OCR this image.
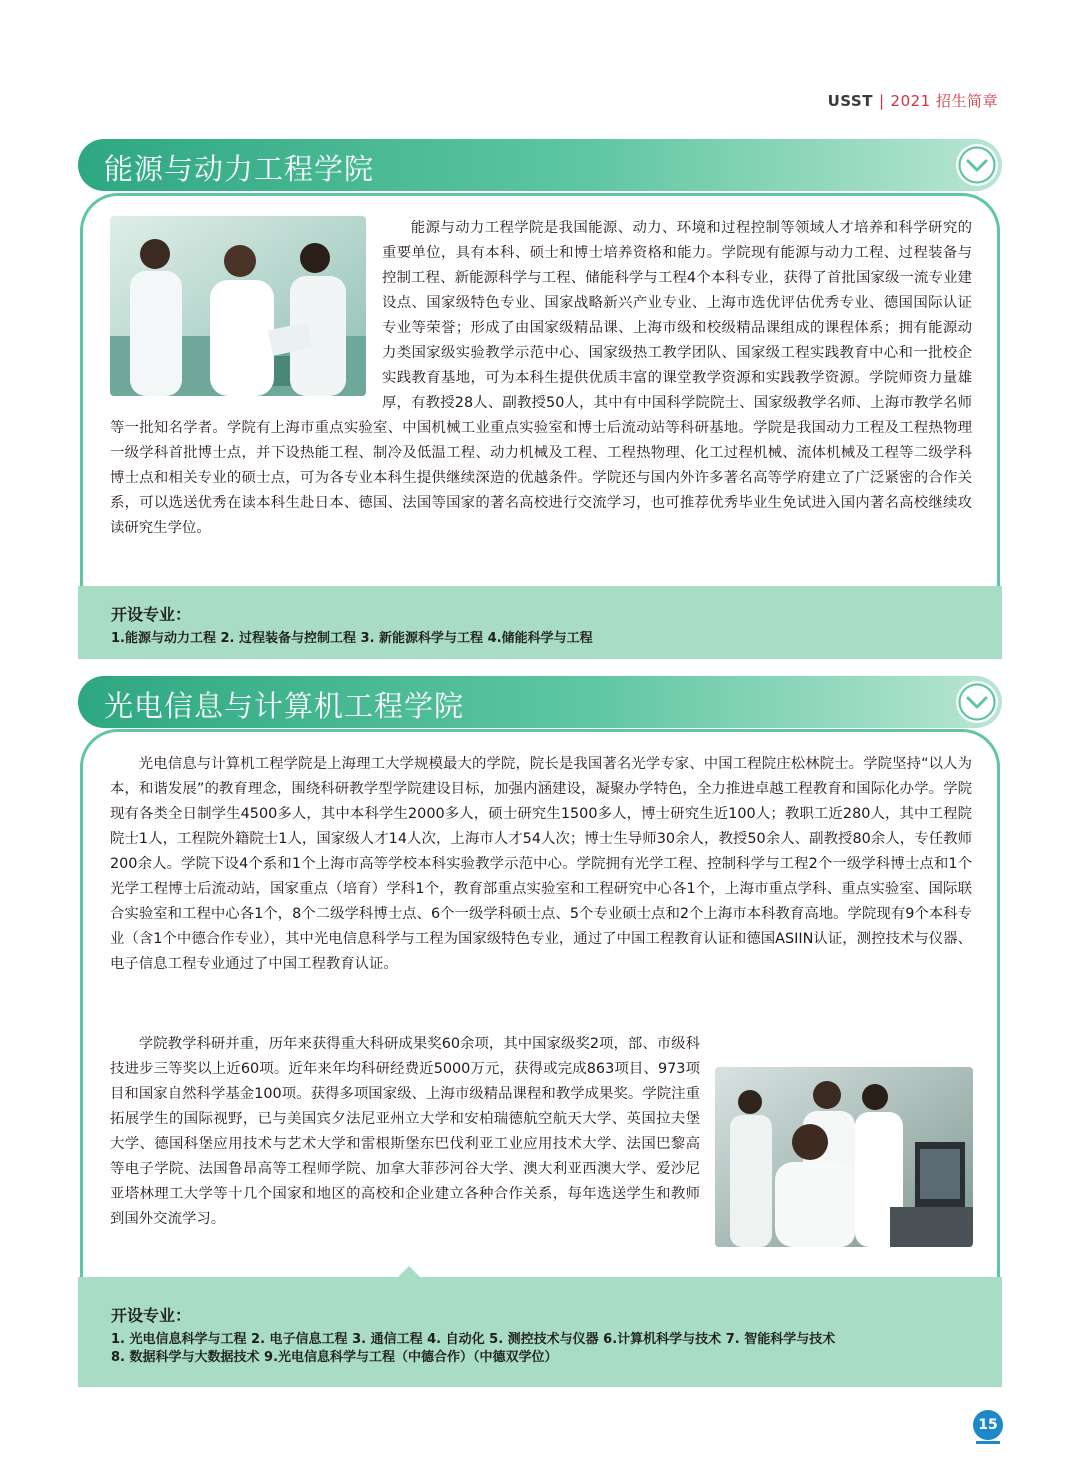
USST | 2021 招生简章
能源与动力工程学院

能源与动力工程学院是我国能源、动力、环境和过程控制等领域人才培养和科学研究的重要单位，具有本科、硕士和博士培养资格和能力。学院现有能源与动力工程、过程装备与控制工程、新能源科学与工程、储能科学与工程4个本科专业，获得了首批国家级一流专业建设点、国家级特色专业、国家战略新兴产业专业、上海市选优评估优秀专业、德国国际认证专业等荣誉；形成了由国家级精品课、上海市级和校级精品课组成的课程体系；拥有能源动力类国家级实验教学示范中心、国家级热工教学团队、国家级工程实践教育中心和一批校企实践教育基地，可为本科生提供优质丰富的课堂教学资源和实践教学资源。学院师资力量雄厚，有教授28人、副教授50人，其中有中国科学院院士、国家级教学名师、上海市教学名师等一批知名学者。学院有上海市重点实验室、中国机械工业重点实验室和博士后流动站等科研基地。学院是我国动力工程及工程热物理一级学科首批博士点，并下设热能工程、制冷及低温工程、动力机械及工程、工程热物理、化工过程机械、流体机械及工程等二级学科博士点和相关专业的硕士点，可为各专业本科生提供继续深造的优越条件。学院还与国内外许多著名高等学府建立了广泛紧密的合作关系，可以选送优秀在读本科生赴日本、德国、法国等国家的著名高校进行交流学习，也可推荐优秀毕业生免试进入国内著名高校继续攻读研究生学位。

开设专业：
1.能源与动力工程 2. 过程装备与控制工程 3. 新能源科学与工程 4.储能科学与工程
光电信息与计算机工程学院

光电信息与计算机工程学院是上海理工大学规模最大的学院，院长是我国著名光学专家、中国工程院庄松林院士。学院坚持“以人为本，和谐发展”的教育理念，围绕科研教学型学院建设目标，加强内涵建设，凝聚办学特色，全力推进卓越工程教育和国际化办学。学院现有各类全日制学生4500多人，其中本科学生2000多人，硕士研究生1500多人，博士研究生近100人；教职工近280人，其中工程院院士1人，工程院外籍院士1人，国家级人才14人次，上海市人才54人次；博士生导师30余人，教授50余人、副教授80余人，专任教师200余人。学院下设4个系和1个上海市高等学校本科实验教学示范中心。学院拥有光学工程、控制科学与工程2个一级学科博士点和1个光学工程博士后流动站，国家重点（培育）学科1个，教育部重点实验室和工程研究中心各1个，上海市重点学科、重点实验室、国际联合实验室和工程中心各1个，8个二级学科博士点、6个一级学科硕士点、5个专业硕士点和2个上海市本科教育高地。学院现有9个本科专业（含1个中德合作专业），其中光电信息科学与工程为国家级特色专业，通过了中国工程教育认证和德国ASIIN认证，测控技术与仪器、电子信息工程专业通过了中国工程教育认证。

学院教学科研并重，历年来获得重大科研成果奖60余项，其中国家级奖2项，部、市级科技进步三等奖以上近60项。近年来年均科研经费近5000万元，获得或完成863项目、973项目和国家自然科学基金100项。获得多项国家级、上海市级精品课程和教学成果奖。学院注重拓展学生的国际视野，已与美国宾夕法尼亚州立大学和安柏瑞德航空航天大学、英国拉夫堡大学、德国科堡应用技术与艺术大学和雷根斯堡东巴伐利亚工业应用技术大学、法国巴黎高等电子学院、法国鲁昂高等工程师学院、加拿大菲莎河谷大学、澳大利亚西澳大学、爱沙尼亚塔林理工大学等十几个国家和地区的高校和企业建立各种合作关系，每年选送学生和教师到国外交流学习。

开设专业：
1. 光电信息科学与工程 2. 电子信息工程 3. 通信工程 4. 自动化 5. 测控技术与仪器 6.计算机科学与技术 7. 智能科学与技术
8. 数据科学与大数据技术 9.光电信息科学与工程（中德合作）（中德双学位）
15
